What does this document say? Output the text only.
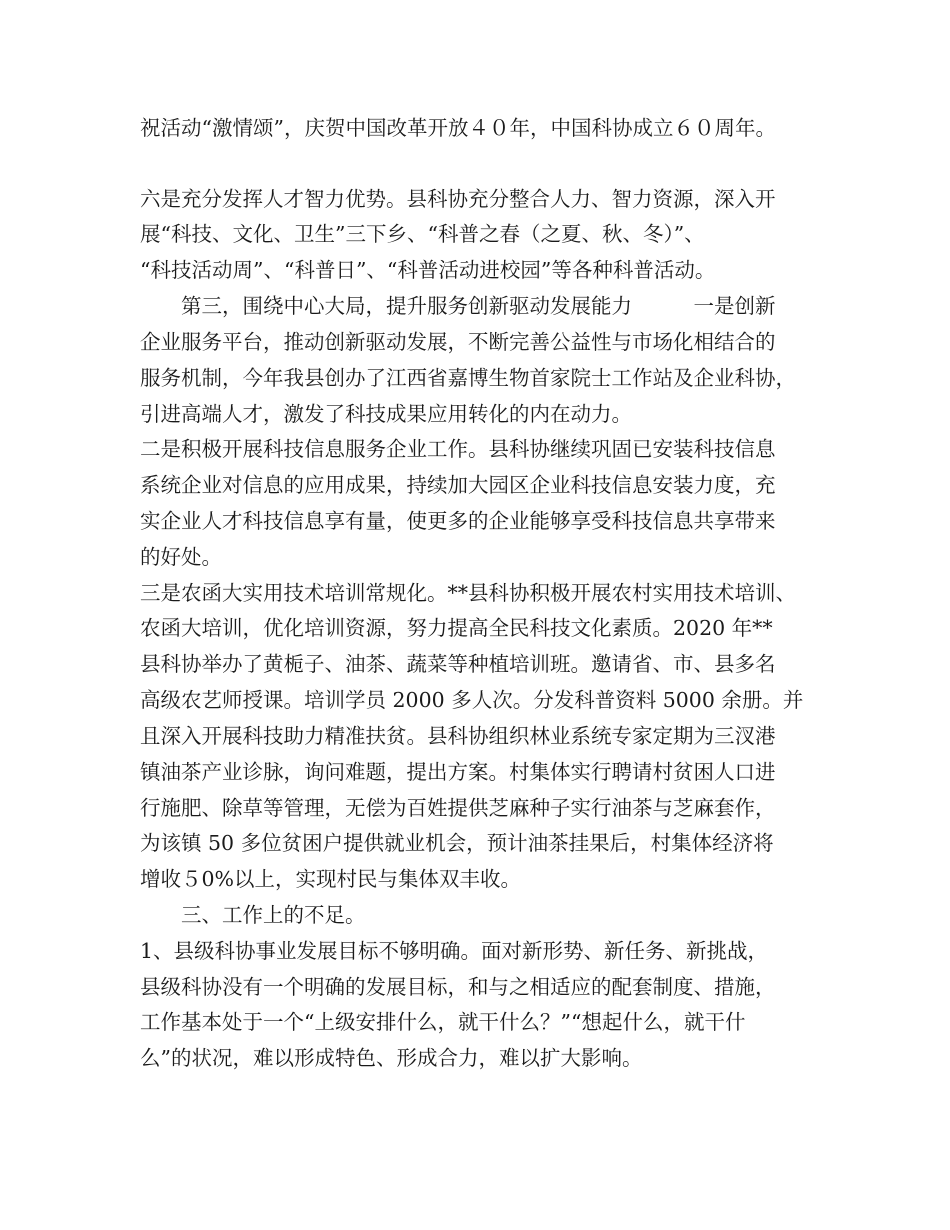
祝活动“激情颂”，庆贺中国改革开放４０年，中国科协成立６０周年。
六是充分发挥人才智力优势。县科协充分整合人力、智力资源，深入开
展“科技、文化、卫生”三下乡、“科普之春（之夏、秋、冬）”、
“科技活动周”、“科普日”、“科普活动进校园”等各种科普活动。
　　第三，围绕中心大局，提升服务创新驱动发展能力　　　一是创新
企业服务平台，推动创新驱动发展，不断完善公益性与市场化相结合的
服务机制，今年我县创办了江西省嘉博生物首家院士工作站及企业科协，
引进高端人才，激发了科技成果应用转化的内在动力。
二是积极开展科技信息服务企业工作。县科协继续巩固已安装科技信息
系统企业对信息的应用成果，持续加大园区企业科技信息安装力度，充
实企业人才科技信息享有量，使更多的企业能够享受科技信息共享带来
的好处。
三是农函大实用技术培训常规化。**县科协积极开展农村实用技术培训、
农函大培训，优化培训资源，努力提高全民科技文化素质。2020 年**
县科协举办了黄栀子、油茶、蔬菜等种植培训班。邀请省、市、县多名
高级农艺师授课。培训学员 2000 多人次。分发科普资料 5000 余册。并
且深入开展科技助力精准扶贫。县科协组织林业系统专家定期为三汊港
镇油茶产业诊脉，询问难题，提出方案。村集体实行聘请村贫困人口进
行施肥、除草等管理，无偿为百姓提供芝麻种子实行油茶与芝麻套作，
为该镇 50 多位贫困户提供就业机会，预计油茶挂果后，村集体经济将
增收５0%以上，实现村民与集体双丰收。
　　三、工作上的不足。
1、县级科协事业发展目标不够明确。面对新形势、新任务、新挑战，
县级科协没有一个明确的发展目标，和与之相适应的配套制度、措施，
工作基本处于一个“上级安排什么，就干什么？”“想起什么，就干什
么”的状况，难以形成特色、形成合力，难以扩大影响。
